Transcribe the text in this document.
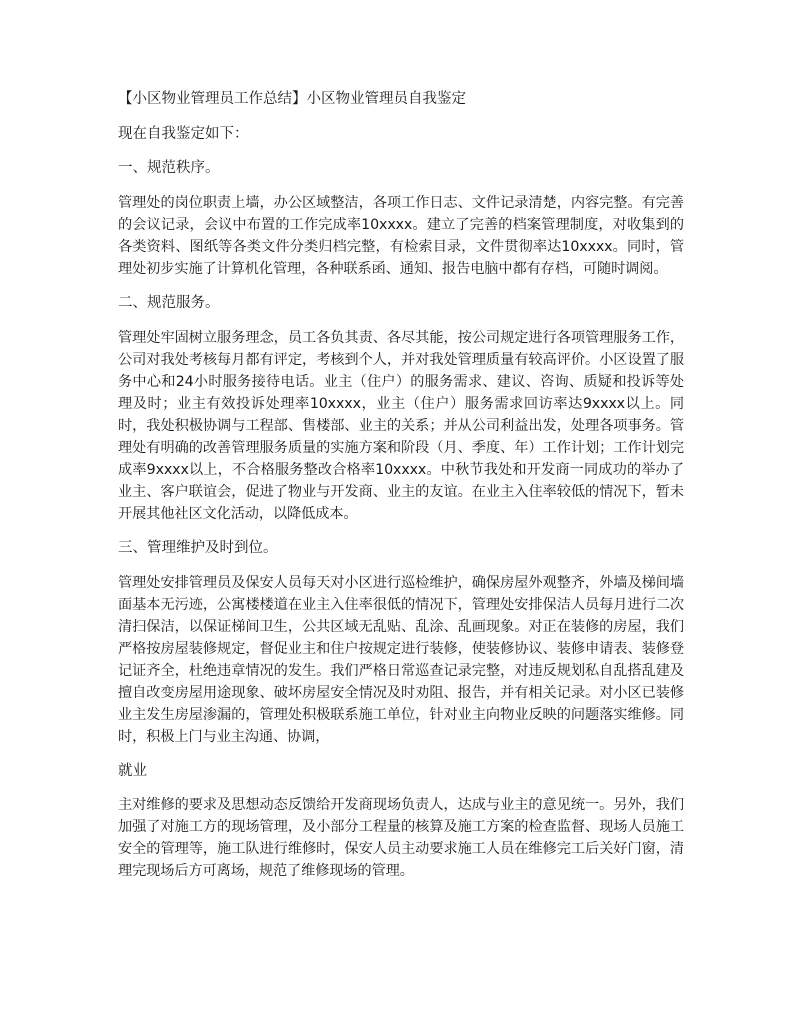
【小区物业管理员工作总结】小区物业管理员自我鉴定
现在自我鉴定如下：
一、规范秩序。
管理处的岗位职责上墙，办公区域整洁，各项工作日志、文件记录清楚，内容完整。有完善的会议记录，会议中布置的工作完成率10xxxx。建立了完善的档案管理制度，对收集到的各类资料、图纸等各类文件分类归档完整，有检索目录，文件贯彻率达10xxxx。同时，管理处初步实施了计算机化管理，各种联系函、通知、报告电脑中都有存档，可随时调阅。
二、规范服务。
管理处牢固树立服务理念，员工各负其责、各尽其能，按公司规定进行各项管理服务工作，公司对我处考核每月都有评定，考核到个人，并对我处管理质量有较高评价。小区设置了服务中心和24小时服务接待电话。业主（住户）的服务需求、建议、咨询、质疑和投诉等处理及时；业主有效投诉处理率10xxxx，业主（住户）服务需求回访率达9xxxx以上。同时，我处积极协调与工程部、售楼部、业主的关系；并从公司利益出发，处理各项事务。管理处有明确的改善管理服务质量的实施方案和阶段（月、季度、年）工作计划；工作计划完成率9xxxx以上，不合格服务整改合格率10xxxx。中秋节我处和开发商一同成功的举办了业主、客户联谊会，促进了物业与开发商、业主的友谊。在业主入住率较低的情况下，暂未开展其他社区文化活动，以降低成本。
三、管理维护及时到位。
管理处安排管理员及保安人员每天对小区进行巡检维护，确保房屋外观整齐，外墙及梯间墙面基本无污迹，公寓楼楼道在业主入住率很低的情况下，管理处安排保洁人员每月进行二次清扫保洁，以保证梯间卫生，公共区域无乱贴、乱涂、乱画现象。对正在装修的房屋，我们严格按房屋装修规定，督促业主和住户按规定进行装修，使装修协议、装修申请表、装修登记证齐全，杜绝违章情况的发生。我们严格日常巡查记录完整，对违反规划私自乱搭乱建及擅自改变房屋用途现象、破坏房屋安全情况及时劝阻、报告，并有相关记录。对小区已装修业主发生房屋渗漏的，管理处积极联系施工单位，针对业主向物业反映的问题落实维修。同时，积极上门与业主沟通、协调，
就业
主对维修的要求及思想动态反馈给开发商现场负责人，达成与业主的意见统一。另外，我们加强了对施工方的现场管理，及小部分工程量的核算及施工方案的检查监督、现场人员施工安全的管理等，施工队进行维修时，保安人员主动要求施工人员在维修完工后关好门窗，清理完现场后方可离场，规范了维修现场的管理。
